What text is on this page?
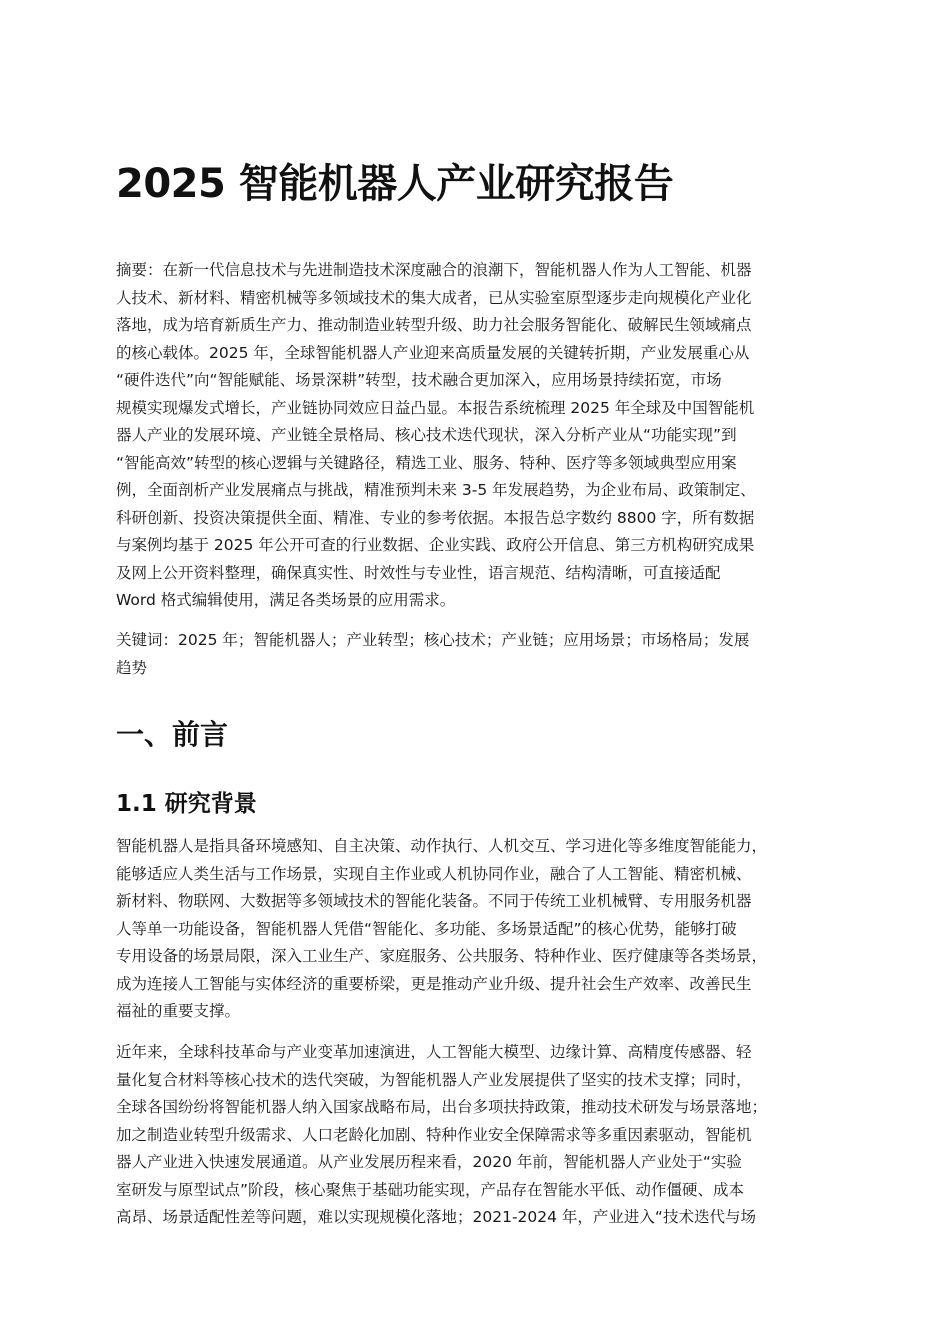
2025 智能机器人产业研究报告
摘要：在新一代信息技术与先进制造技术深度融合的浪潮下，智能机器人作为人工智能、机器
人技术、新材料、精密机械等多领域技术的集大成者，已从实验室原型逐步走向规模化产业化
落地，成为培育新质生产力、推动制造业转型升级、助力社会服务智能化、破解民生领域痛点
的核心载体。2025 年，全球智能机器人产业迎来高质量发展的关键转折期，产业发展重心从
“硬件迭代”向“智能赋能、场景深耕”转型，技术融合更加深入，应用场景持续拓宽，市场
规模实现爆发式增长，产业链协同效应日益凸显。本报告系统梳理 2025 年全球及中国智能机
器人产业的发展环境、产业链全景格局、核心技术迭代现状，深入分析产业从“功能实现”到
“智能高效”转型的核心逻辑与关键路径，精选工业、服务、特种、医疗等多领域典型应用案
例，全面剖析产业发展痛点与挑战，精准预判未来 3-5 年发展趋势，为企业布局、政策制定、
科研创新、投资决策提供全面、精准、专业的参考依据。本报告总字数约 8800 字，所有数据
与案例均基于 2025 年公开可查的行业数据、企业实践、政府公开信息、第三方机构研究成果
及网上公开资料整理，确保真实性、时效性与专业性，语言规范、结构清晰，可直接适配
Word 格式编辑使用，满足各类场景的应用需求。
关键词：2025 年；智能机器人；产业转型；核心技术；产业链；应用场景；市场格局；发展
趋势
一、前言
1.1 研究背景
智能机器人是指具备环境感知、自主决策、动作执行、人机交互、学习进化等多维度智能能力，
能够适应人类生活与工作场景，实现自主作业或人机协同作业，融合了人工智能、精密机械、
新材料、物联网、大数据等多领域技术的智能化装备。不同于传统工业机械臂、专用服务机器
人等单一功能设备，智能机器人凭借“智能化、多功能、多场景适配”的核心优势，能够打破
专用设备的场景局限，深入工业生产、家庭服务、公共服务、特种作业、医疗健康等各类场景，
成为连接人工智能与实体经济的重要桥梁，更是推动产业升级、提升社会生产效率、改善民生
福祉的重要支撑。
近年来，全球科技革命与产业变革加速演进，人工智能大模型、边缘计算、高精度传感器、轻
量化复合材料等核心技术的迭代突破，为智能机器人产业发展提供了坚实的技术支撑；同时，
全球各国纷纷将智能机器人纳入国家战略布局，出台多项扶持政策，推动技术研发与场景落地；
加之制造业转型升级需求、人口老龄化加剧、特种作业安全保障需求等多重因素驱动，智能机
器人产业进入快速发展通道。从产业发展历程来看，2020 年前，智能机器人产业处于“实验
室研发与原型试点”阶段，核心聚焦于基础功能实现，产品存在智能水平低、动作僵硬、成本
高昂、场景适配性差等问题，难以实现规模化落地；2021-2024 年，产业进入“技术迭代与场
